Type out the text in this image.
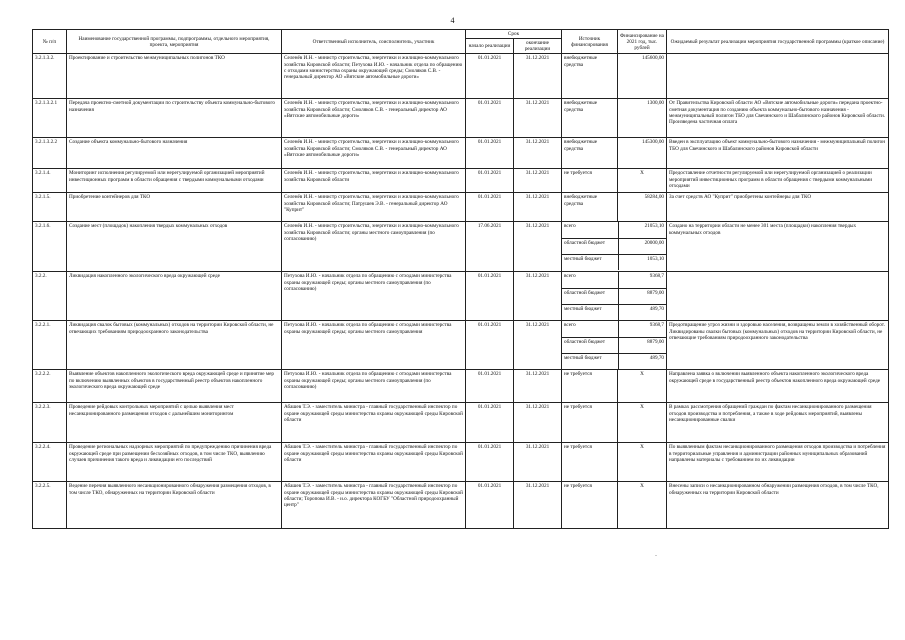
4
№ п/п	Наименование государственной программы, подпрограммы, отдельного мероприятия, проекта, мероприятия	Ответственный исполнитель, соисполнитель, участник	Срок	Источник финансирования	Финансирование на 2021 год, тыс. рублей	Ожидаемый результат реализации мероприятия государственной программы (краткое описание)
начало реализации	окончание реализации
3.2.1.3.2.	Проектирование и строительство межмуниципальных полигонов ТКО	Селенёв И.Н. - министр строительства, энергетики и жилищно-коммунального хозяйства Кировской области; Петухова И.Ю. - начальник отдела по обращению с отходами министерства охраны окружающей среды; Смоляков С.В. - генеральный директор АО «Вятские автомобильные дороги»	01.01.2021	31.12.2021	внебюджетные средства	145600,00	
3.2.1.3.2.1	Передача проектно-сметной документации по строительству объекта коммунально-бытового назначения	Селенёв И.Н. - министр строительства, энергетики и жилищно-коммунального хозяйства Кировской области; Смоляков С.В. - генеральный директор АО «Вятские автомобильные дороги»	01.01.2021	31.12.2021	внебюджетные средства	1300,00	От Правительства Кировской области АО «Вятские автомобильные дороги» передана проектно-сметная документация по созданию объекта коммунально-бытового назначения - межмуниципальный полигон ТБО для Свечинского и Шабалинского районов Кировской области. Произведена частичная оплата
3.2.1.3.2.2	Создание объекта коммунально-бытового назначения	Селенёв И.Н. - министр строительства, энергетики и жилищно-коммунального хозяйства Кировской области; Смоляков С.В. - генеральный директор АО «Вятские автомобильные дороги»	01.01.2021	31.12.2021	внебюджетные средства	145300,00	Введен в эксплуатацию объект коммунально-бытового назначения - межмуниципальный полигон ТБО для Свечинского и Шабалинского районов Кировской области
3.2.1.4.	Мониторинг исполнения регулируемой или нерегулируемой организацией мероприятий инвестиционных программ в области обращения с твердыми коммунальными отходами	Селенёв И.Н. - министр строительства, энергетики и жилищно-коммунального хозяйства Кировской области	01.01.2021	31.12.2021	не требуется	X	Предоставление отчетности регулируемой или нерегулируемой организацией о реализации мероприятий инвестиционных программ в области обращения с твердыми коммунальными отходами
3.2.1.5.	Приобретение контейнеров для ТКО	Селенёв И.Н. - министр строительства, энергетики и жилищно-коммунального хозяйства Кировской области; Патрушев Э.В. - генеральный директор АО "Куприт"	01.01.2021	31.12.2021	внебюджетные средства	58284,00	За счет средств АО "Куприт" приобретены контейнеры для ТКО
3.2.1.6.	Создание мест (площадок) накопления твердых коммунальных отходов	Селенёв И.Н. - министр строительства, энергетики и жилищно-коммунального хозяйства Кировской области; органы местного самоуправления (по согласованию)	17.06.2021	31.12.2021		всего	21053,10
областной бюджет	20000,00
местный бюджет	1053,10
	Создано на территории области не менее 301 места (площадки) накопления твердых коммунальных отходов
3.2.2.	Ликвидация накопленного экологического вреда окружающей среде	Петухова И.Ю. - начальник отдела по обращению с отходами министерства охраны окружающей среды; органы местного самоуправления (по согласованию)	01.01.2021	31.12.2021		всего	9368,7
областной бюджет	8879,00
местный бюджет	489,70

3.2.2.1.	Ликвидация свалок бытовых (коммунальных) отходов на территории Кировской области, не отвечающих требованиям природоохранного законодательства	Петухова И.Ю. - начальник отдела по обращению с отходами министерства охраны окружающей среды; органы местного самоуправления	01.01.2021	31.12.2021		всего	9368,7
областной бюджет	8879,00
местный бюджет	489,70
	Предотвращение угроз жизни и здоровью населения, возвращены земли в хозяйственный оборот. Ликвидированы свалки бытовых (коммунальных) отходов на территории Кировской области, не отвечающие требованиям природоохранного законодательства
3.2.2.2.	Выявление объектов накопленного экологического вреда окружающей среде и принятие мер по включению выявленных объектов в государственный реестр объектов накопленного экологического вреда окружающей среде	Петухова И.Ю. - начальник отдела по обращению с отходами министерства охраны окружающей среды; органы местного самоуправления (по согласованию)	01.01.2021	31.12.2021	не требуется	X	Направлена заявка о включении выявленного объекта накопленного экологического вреда окружающей среде в государственный реестр объектов накопленного вреда окружающей среде
3.2.2.3.	Проведение рейдовых контрольных мероприятий с целью выявления мест несанкционированного размещения отходов с дальнейшим мониторингом	Абашев Т.Э. - заместитель министра - главный государственный инспектор по охране окружающей среды министерства охраны окружающей среды Кировской области	01.01.2021	31.12.2021	не требуется	X	В рамках рассмотрения обращений граждан по фактам несанкционированного размещения отходов производства и потребления, а также в ходе рейдовых мероприятий, выявлены несанкционированные свалки
3.2.2.4.	Проведение региональных надзорных мероприятий по предупреждению причинения вреда окружающей среде при размещении бесхозяйных отходов, в том числе ТКО, выявлению случаев причинения такого вреда и ликвидации его последствий	Абашев Т.Э. - заместитель министра - главный государственный инспектор по охране окружающей среды министерства охраны окружающей среды Кировской области	01.01.2021	31.12.2021	не требуется	X	По выявленным фактам несанкционированного размещения отходов производства и потребления в территориальные управления и администрации районных муниципальных образований направлены материалы с требованием по их ликвидации
3.2.2.5.	Ведение перечня выявленного несанкционированного обнаружения размещения отходов, в том числе ТКО, обнаруженных на территории Кировской области	Абашев Т.Э. - заместитель министра - главный государственный инспектор по охране окружающей среды министерства охраны окружающей среды Кировской области; Торопова И.В. - и.о. директора КОГБУ "Областной природоохранный центр"	01.01.2021	31.12.2021	не требуется	X	Внесены записи о несанкционированном обнаружении размещения отходов, в том числе ТКО, обнаруженных на территории Кировской области
-
